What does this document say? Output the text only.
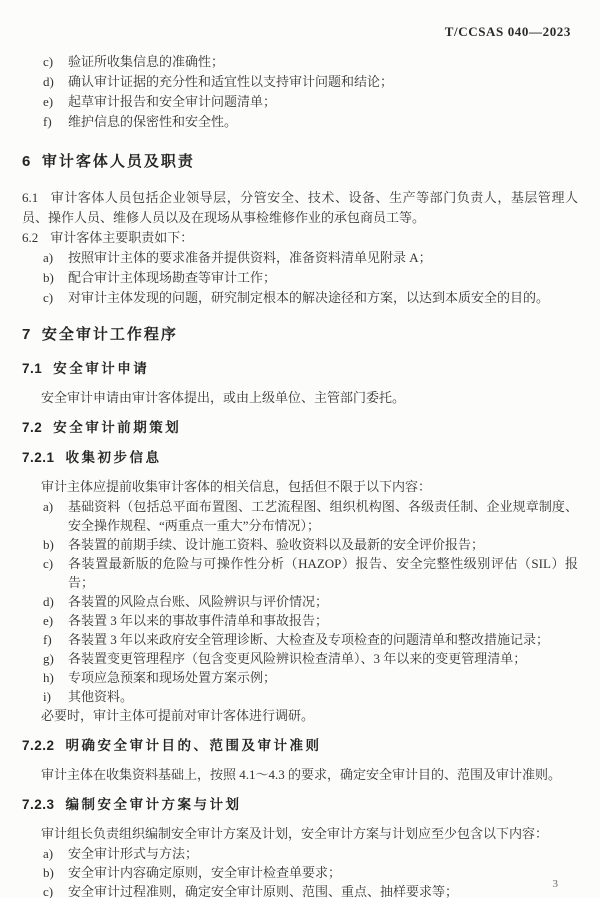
T/CCSAS 040—2023
c)	验证所收集信息的准确性；
d)	确认审计证据的充分性和适宜性以支持审计问题和结论；
e)	起草审计报告和安全审计问题清单；
f)	维护信息的保密性和安全性。
6 审计客体人员及职责

6.1 审计客体人员包括企业领导层，分管安全、技术、设备、生产等部门负责人，基层管理人员、操作人员、维修人员以及在现场从事检维修作业的承包商员工等。

6.2 审计客体主要职责如下：

a)	按照审计主体的要求准备并提供资料，准备资料清单见附录 A；
b)	配合审计主体现场勘查等审计工作；
c)	对审计主体发现的问题，研究制定根本的解决途径和方案，以达到本质安全的目的。
7 安全审计工作程序
7.1 安全审计申请

安全审计申请由审计客体提出，或由上级单位、主管部门委托。

7.2 安全审计前期策划
7.2.1 收集初步信息

审计主体应提前收集审计客体的相关信息，包括但不限于以下内容：

a)	基础资料（包括总平面布置图、工艺流程图、组织机构图、各级责任制、企业规章制度、安全操作规程、“两重点一重大”分布情况）；
b)	各装置的前期手续、设计施工资料、验收资料以及最新的安全评价报告；
c)	各装置最新版的危险与可操作性分析（HAZOP）报告、安全完整性级别评估（SIL）报告；
d)	各装置的风险点台账、风险辨识与评价情况；
e)	各装置 3 年以来的事故事件清单和事故报告；
f)	各装置 3 年以来政府安全管理诊断、大检查及专项检查的问题清单和整改措施记录；
g)	各装置变更管理程序（包含变更风险辨识检查清单）、3 年以来的变更管理清单；
h)	专项应急预案和现场处置方案示例；
i)	其他资料。

必要时，审计主体可提前对审计客体进行调研。

7.2.2 明确安全审计目的、范围及审计准则

审计主体在收集资料基础上，按照 4.1～4.3 的要求，确定安全审计目的、范围及审计准则。

7.2.3 编制安全审计方案与计划

审计组长负责组织编制安全审计方案及计划，安全审计方案与计划应至少包含以下内容：

a)	安全审计形式与方法；
b)	安全审计内容确定原则，安全审计检查单要求；
c)	安全审计过程准则，确定安全审计原则、范围、重点、抽样要求等；	3
